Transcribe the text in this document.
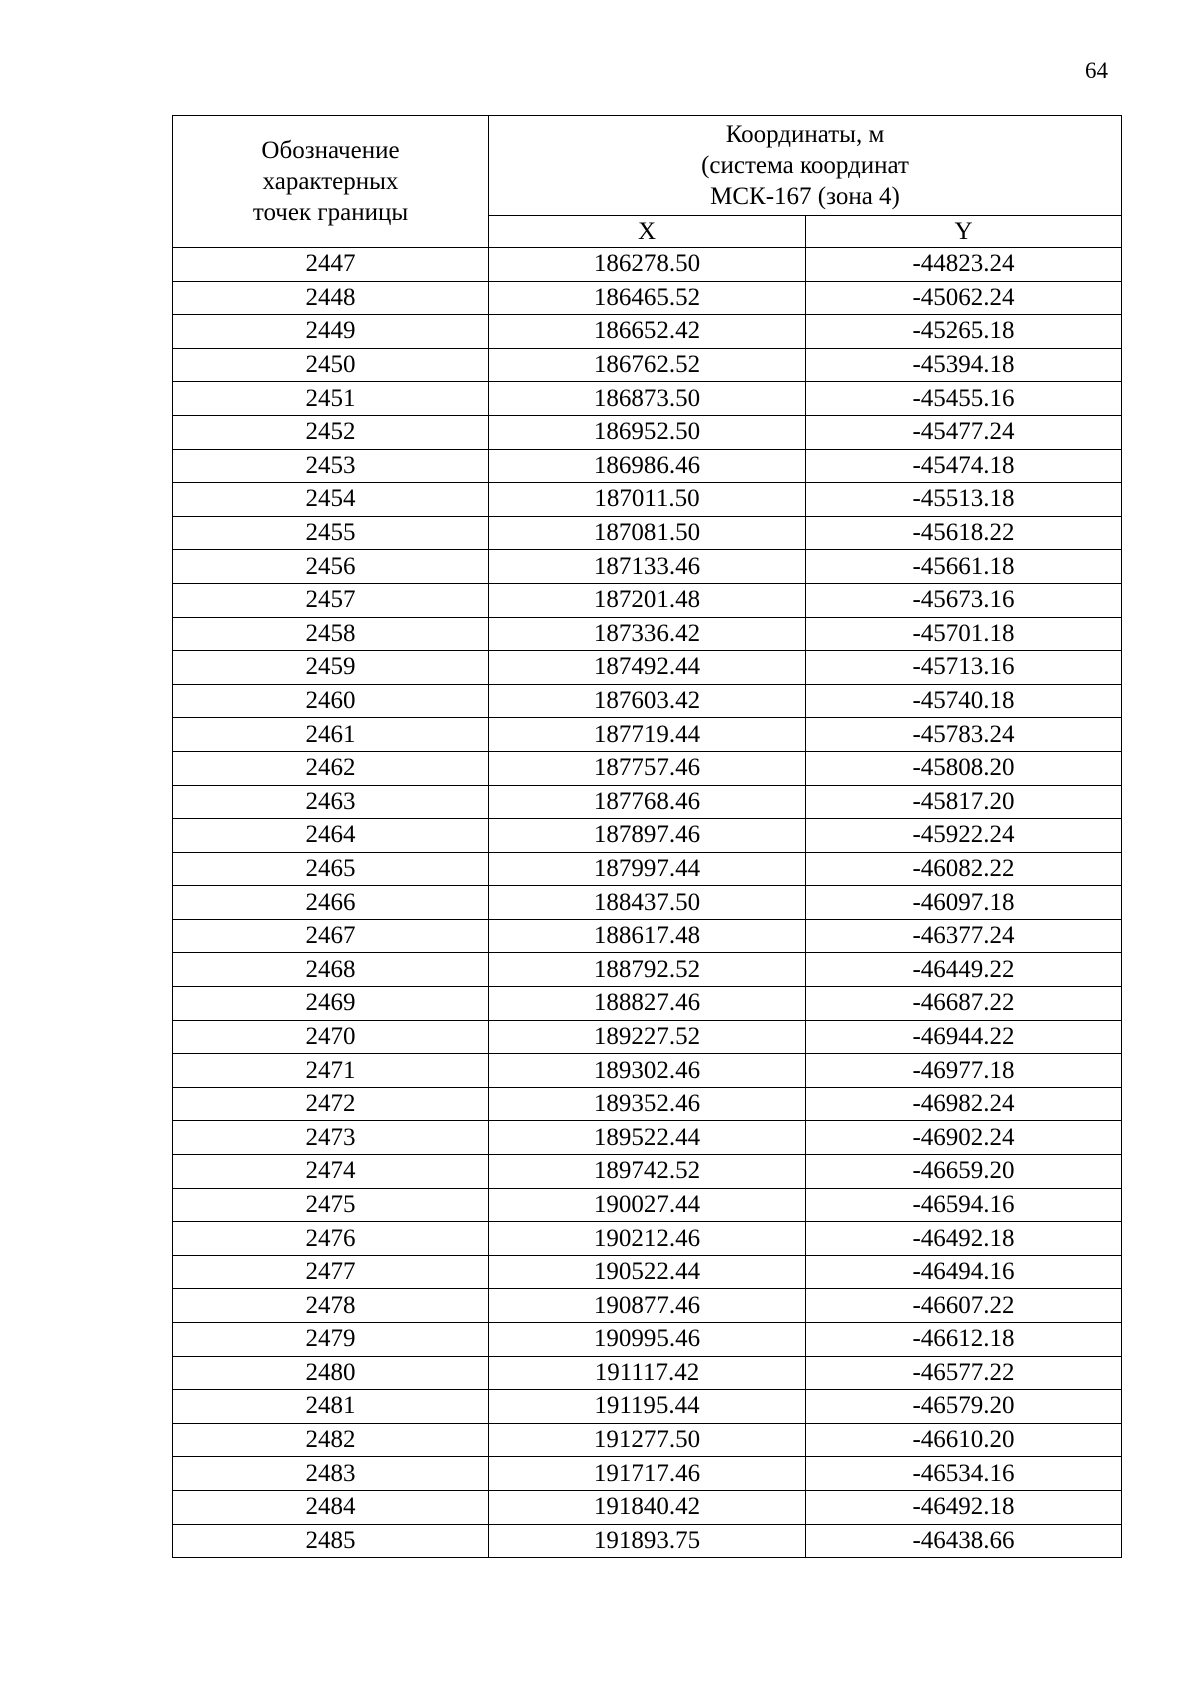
64
Обозначение
характерных
точек границы	Координаты, м
(система координат
МСК-167 (зона 4)	

	X	Y
2447	186278.50	-44823.24
2448	186465.52	-45062.24
2449	186652.42	-45265.18
2450	186762.52	-45394.18
2451	186873.50	-45455.16
2452	186952.50	-45477.24
2453	186986.46	-45474.18
2454	187011.50	-45513.18
2455	187081.50	-45618.22
2456	187133.46	-45661.18
2457	187201.48	-45673.16
2458	187336.42	-45701.18
2459	187492.44	-45713.16
2460	187603.42	-45740.18
2461	187719.44	-45783.24
2462	187757.46	-45808.20
2463	187768.46	-45817.20
2464	187897.46	-45922.24
2465	187997.44	-46082.22
2466	188437.50	-46097.18
2467	188617.48	-46377.24
2468	188792.52	-46449.22
2469	188827.46	-46687.22
2470	189227.52	-46944.22
2471	189302.46	-46977.18
2472	189352.46	-46982.24
2473	189522.44	-46902.24
2474	189742.52	-46659.20
2475	190027.44	-46594.16
2476	190212.46	-46492.18
2477	190522.44	-46494.16
2478	190877.46	-46607.22
2479	190995.46	-46612.18
2480	191117.42	-46577.22
2481	191195.44	-46579.20
2482	191277.50	-46610.20
2483	191717.46	-46534.16
2484	191840.42	-46492.18
2485	191893.75	-46438.66
